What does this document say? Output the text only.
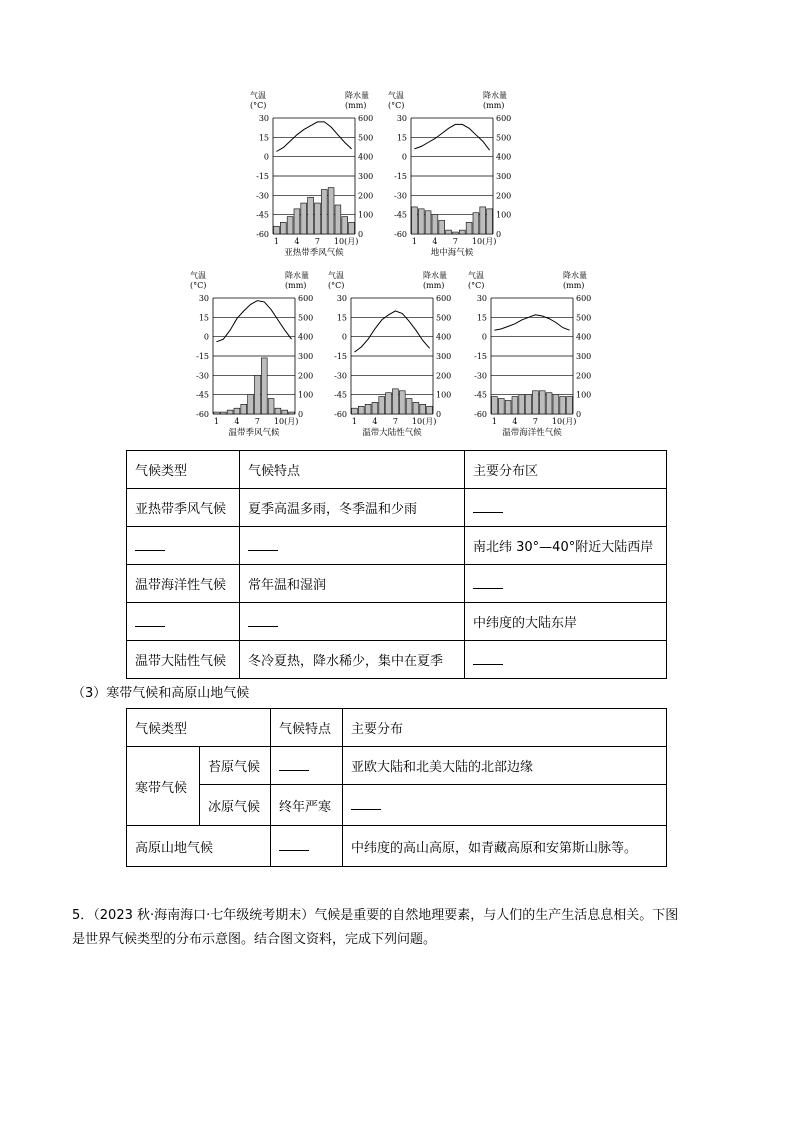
气温
(°C)
降水量
(mm)
30	600
15	500
0	400
-15	300
-30	200
-45	100
-60	0
1 4 7 10(月)
亚热带季风气候
气温
(°C)
降水量
(mm)
30	600
15	500
0	400
-15	300
-30	200
-45	100
-60	0
1 4 7 10(月)
地中海气候
气温
(°C)
降水量
(mm)
30	600
15	500
0	400
-15	300
-30	200
-45	100
-60	0
1 4 7 10(月)
温带季风气候
气温
(°C)
降水量
(mm)
30	600
15	500
0	400
-15	300
-30	200
-45	100
-60	0
1 4 7 10(月)
温带大陆性气候
气温
(°C)
降水量
(mm)
30	600
15	500
0	400
-15	300
-30	200
-45	100
-60	0
1 4 7 10(月)
温带海洋性气候
气候类型	气候特点	主要分布区
亚热带季风气候	夏季高温多雨，冬季温和少雨	
		南北纬 30°—40°附近大陆西岸
温带海洋性气候	常年温和湿润	
		中纬度的大陆东岸
温带大陆性气候	冬冷夏热，降水稀少，集中在夏季	
（3）寒带气候和高原山地气候
气候类型		气候特点	主要分布
寒带气候	苔原气候		亚欧大陆和北美大陆的北部边缘
	冰原气候	终年严寒	
高原山地气候			中纬度的高山高原，如青藏高原和安第斯山脉等。
5．（2023 秋·海南海口·七年级统考期末）气候是重要的自然地理要素，与人们的生产生活息息相关。下图
是世界气候类型的分布示意图。结合图文资料，完成下列问题。
